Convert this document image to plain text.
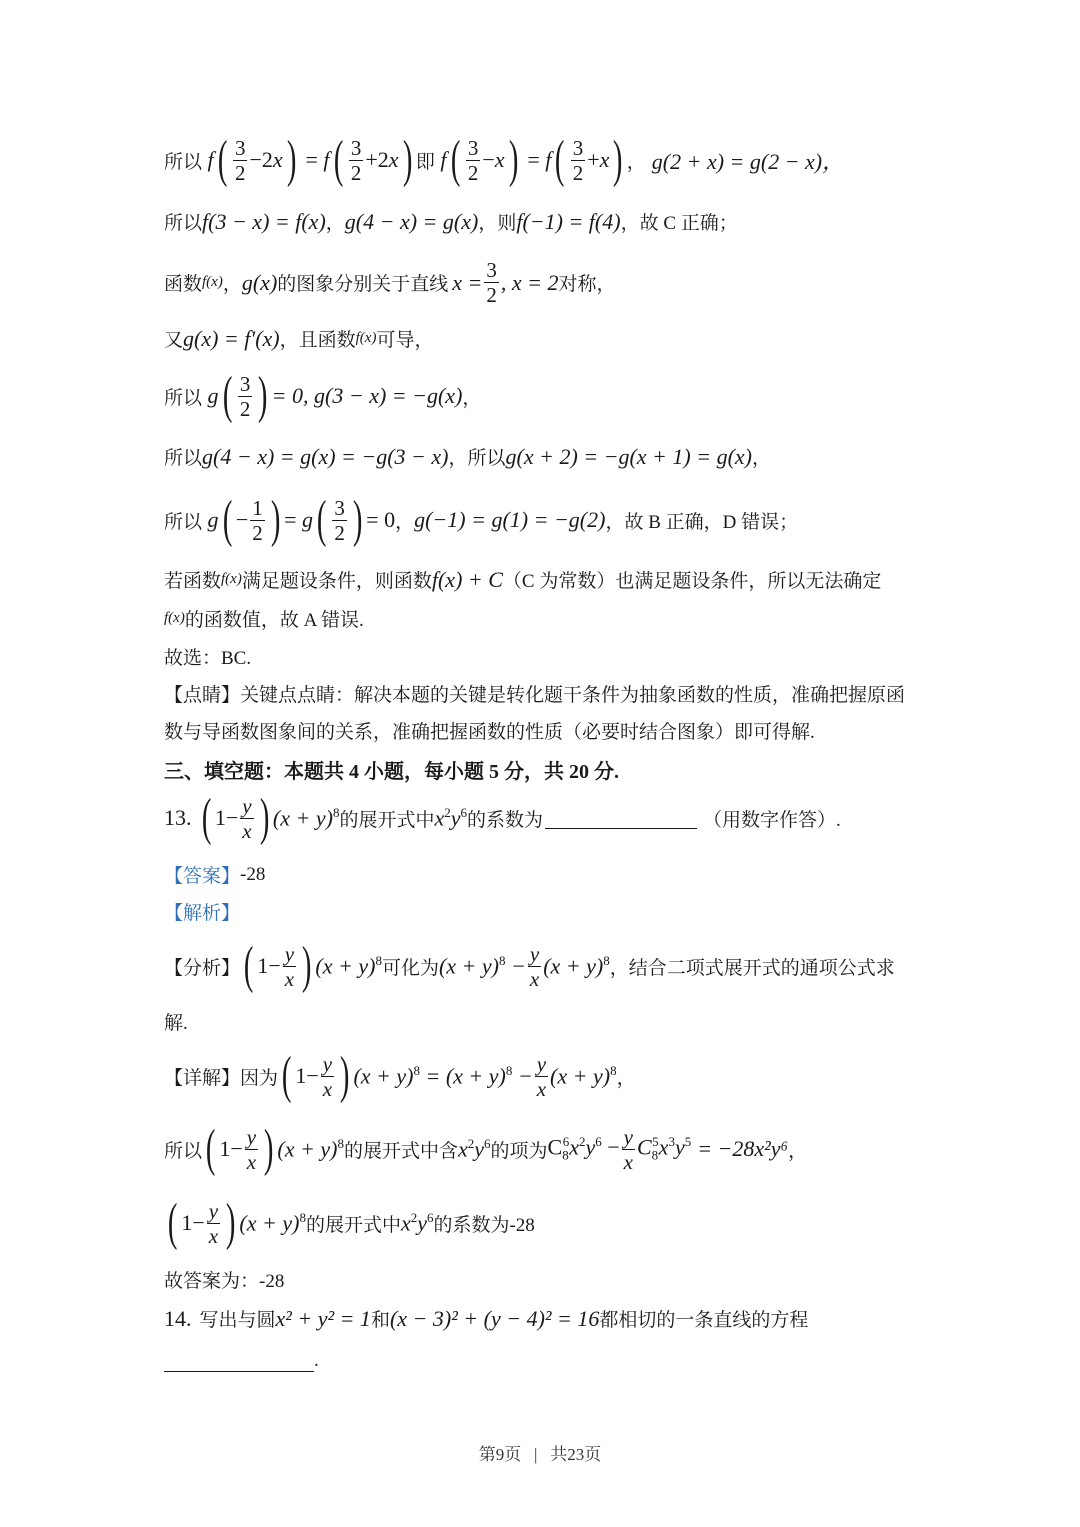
所以 f ( $\frac{3}{2} -2x$ ) = f ( $\frac{3}{2} +2x$ ) 即 f ( $\frac{3}{2} -x$ ) = f ( $\frac{3}{2} +x$ ) ， g(2 + x) = g(2 − x)，
所以 f(3 − x) = f(x) ， g(4 − x) = g(x) ，则 f(−1) = f(4) ，故 C 正确；
函数 f(x) ， g(x) 的图象分别关于直线 $x = \frac{3}{2}$ , x = 2 对称，
又 g(x) = f′(x) ，且函数 f(x) 可导，
所以 g ( $\frac{3}{2}$ ) = 0, g(3 − x) = −g(x) ，
所以 g(4 − x) = g(x) = −g(3 − x) ，所以 g(x + 2) = −g(x + 1) = g(x) ，
所以 g ( − $\frac{1}{2}$ ) = g ( $\frac{3}{2}$ ) = 0 ， g(−1) = g(1) = −g(2) ，故 B 正确，D 错误；
若函数 f(x) 满足题设条件，则函数 f(x) + C （C 为常数）也满足题设条件，所以无法确定
f(x) 的函数值，故 A 错误.
故选：BC.
【点睛】 关键点点睛：解决本题的关键是转化题干条件为抽象函数的性质，准确把握原函
数与导函数图象间的关系，准确把握函数的性质（必要时结合图象）即可得解.
三、填空题：本题共 4 小题，每小题 5 分，共 20 分.
13. ( $1- \frac{y}{x}$ ) $(x + y)^8$ 的展开式中 $x^2y^6$ 的系数为	（用数字作答）.
【答案】 -28
【解析】
【分析】 ( $1- \frac{y}{x}$ ) $(x + y)^8$ 可化为 $(x + y)^8 - \frac{y}{x} (x + y)^8$ ，结合二项式展开式的通项公式求
解.
【详解】 因为 ( $1- \frac{y}{x}$ ) $(x + y)^8 = (x + y)^8 - \frac{y}{x} (x + y)^8$ ，
所以 ( $1- \frac{y}{x}$ ) $(x + y)^8$ 的展开式中含 $x^2y^6$ 的项为 $C_8^6x^2y^6 - \frac{y}{x} C_8^5x^3y^5 = -28x^2y^6$ ，
( $1- \frac{y}{x}$ ) $(x + y)^8$ 的展开式中 $x^2y^6$ 的系数为-28
故答案为：-28
14. 写出与圆 x² + y² = 1 和 (x − 3)² + (y − 4)² = 16 都相切的一条直线的方程
.
第9页 | 共23页
